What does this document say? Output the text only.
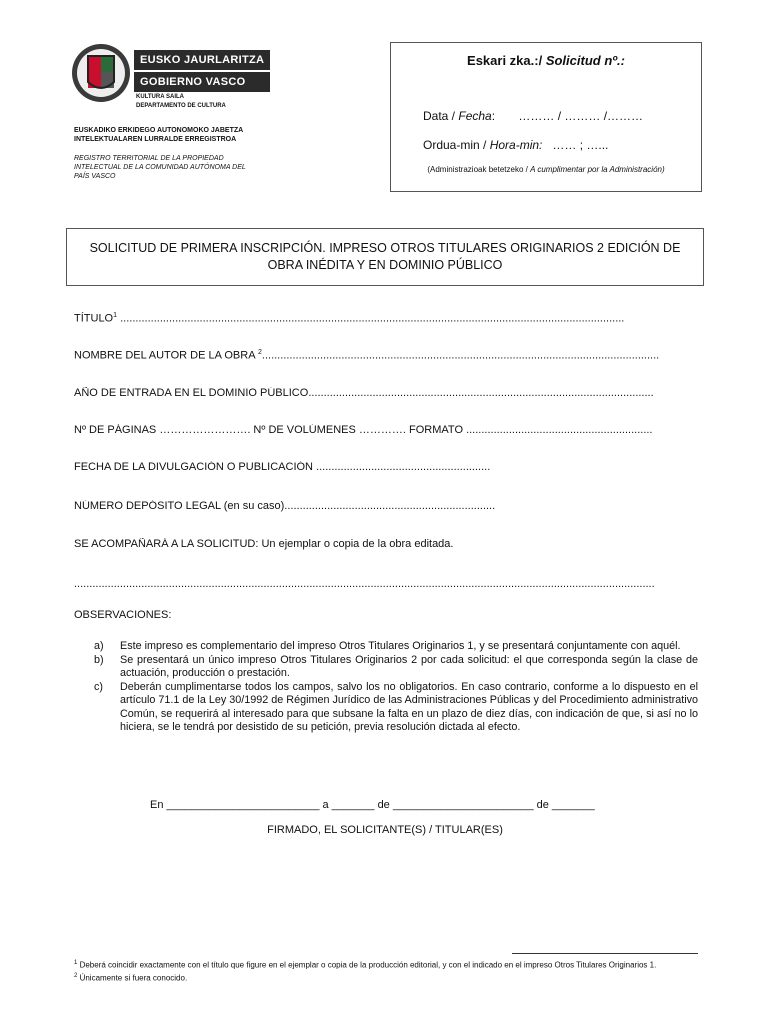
EUSKO JAURLARITZA
GOBIERNO VASCO
KULTURA SAILA
DEPARTAMENTO DE CULTURA
EUSKADIKO ERKIDEGO AUTONOMOKO JABETZA
INTELEKTUALAREN LURRALDE ERREGISTROA
REGISTRO TERRITORIAL DE LA PROPIEDAD
INTELECTUAL DE LA COMUNIDAD AUTÓNOMA DEL
PAÍS VASCO
Eskari zka.:/ Solicitud nº.:
Data / Fecha:       ……… / ……… /………
Ordua-min / Hora-min:   …… ; …...
(Administrazioak betetzeko / A cumplimentar por la Administración)
SOLICITUD DE PRIMERA INSCRIPCIÓN. IMPRESO OTROS TITULARES ORIGINARIOS 2 EDICIÓN DE OBRA INÉDITA Y EN DOMINIO PÚBLICO
TÍTULO$^1$ .....................................................................................................................................................................
NOMBRE DEL AUTOR DE LA OBRA $^2$..................................................................................................................................
AÑO DE ENTRADA EN EL DOMINIO PÚBLICO.................................................................................................................
Nº DE PÁGINAS ……………………. Nº DE VOLÚMENES …………. FORMATO .............................................................
FECHA DE LA DIVULGACIÓN O PUBLICACIÓN .........................................................
NÚMERO DEPÓSITO LEGAL (en su caso).....................................................................
SE ACOMPAÑARÁ A LA SOLICITUD: Un ejemplar o copia de la obra editada.
..............................................................................................................................................................................................
OBSERVACIONES:
a)	Este impreso es complementario del impreso Otros Titulares Originarios 1, y se presentará conjuntamente con aquél.
b)	Se presentará un único impreso Otros Titulares Originarios 2 por cada solicitud: el que corresponda según la clase de actuación, producción o prestación.
c)	Deberán cumplimentarse todos los campos, salvo los no obligatorios. En caso contrario, conforme a lo dispuesto en el artículo 71.1 de la Ley 30/1992 de Régimen Jurídico de las Administraciones Públicas y del Procedimiento administrativo Común, se requerirá al interesado para que subsane la falta en un plazo de diez días, con indicación de que, si así no lo hiciera, se le tendrá por desistido de su petición, previa resolución dictada al efecto.
En _________________________ a _______ de _______________________ de _______
FIRMADO, EL SOLICITANTE(S) / TITULAR(ES)
$^1$ Deberá coincidir exactamente con el título que figure en el ejemplar o copia de la producción editorial, y con el indicado en el impreso Otros Titulares Originarios 1.
$^2$ Únicamente si fuera conocido.
